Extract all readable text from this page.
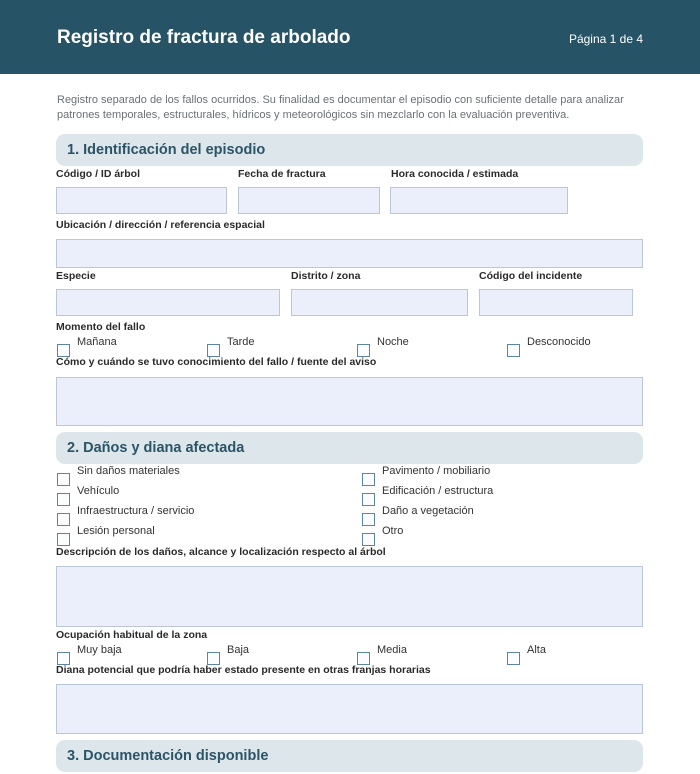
Registro de fractura de arbolado	Página 1 de 4
Registro separado de los fallos ocurridos. Su finalidad es documentar el episodio con suficiente detalle para analizar patrones temporales, estructurales, hídricos y meteorológicos sin mezclarlo con la evaluación preventiva.
1. Identificación del episodio
Código / ID árbol	Fecha de fractura	Hora conocida / estimada
Ubicación / dirección / referencia espacial
Especie	Distrito / zona	Código del incidente
Momento del fallo
Mañana	Tarde	Noche	Desconocido
Cómo y cuándo se tuvo conocimiento del fallo / fuente del aviso
2. Daños y diana afectada
Sin daños materiales
Vehículo
Infraestructura / servicio
Lesión personal
Pavimento / mobiliario
Edificación / estructura
Daño a vegetación
Otro
Descripción de los daños, alcance y localización respecto al árbol
Ocupación habitual de la zona
Muy baja	Baja	Media	Alta
Diana potencial que podría haber estado presente en otras franjas horarias
3. Documentación disponible
